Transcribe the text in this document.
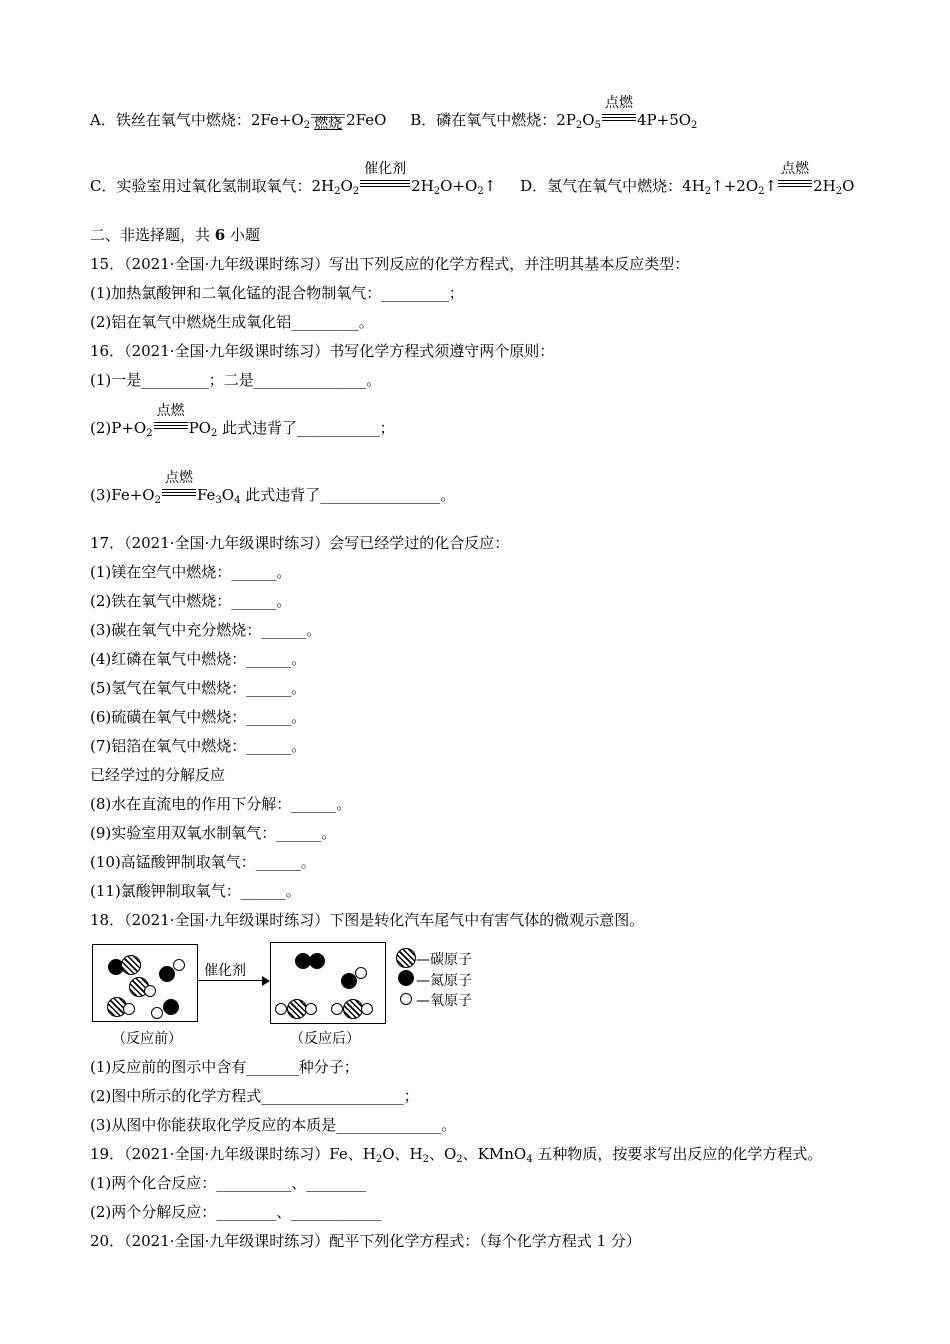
A．铁丝在氧气中燃烧：$2Fe+O_2$ 燃烧 2FeO B．磷在氧气中燃烧：$2P_2O_5$
点燃
$4P+5O_2$
C．实验室用过氧化氢制取氧气：$2H_2O_2$
催化剂
$2H_2O+O_2↑$     D．氢气在氧气中燃烧：$4H_2↑+2O_2↑$
点燃
$2H_2O$
二、非选择题，共 6 小题
15．（2021·全国·九年级课时练习）写出下列反应的化学方程式，并注明其基本反应类型：
(1)加热氯酸钾和二氧化锰的混合物制氧气：_________；
(2)铝在氧气中燃烧生成氧化铝_________。
16．（2021·全国·九年级课时练习）书写化学方程式须遵守两个原则：
(1)一是_________；二是_______________。
$(2)P+O_2$
点燃
$PO_2$ 此式违背了___________；
$(3)Fe+O_2$
点燃
$Fe_3O_4$ 此式违背了________________。
17．（2021·全国·九年级课时练习）会写已经学过的化合反应：
(1)镁在空气中燃烧：______。
(2)铁在氧气中燃烧：______。
(3)碳在氧气中充分燃烧：______。
(4)红磷在氧气中燃烧：______。
(5)氢气在氧气中燃烧：______。
(6)硫磺在氧气中燃烧：______。
(7)铝箔在氧气中燃烧：______。
已经学过的分解反应
(8)水在直流电的作用下分解：______。
(9)实验室用双氧水制氧气：______。
(10)高锰酸钾制取氧气：______。
(11)氯酸钾制取氧气：______。
18．（2021·全国·九年级课时练习）下图是转化汽车尾气中有害气体的微观示意图。
催化剂
（反应前）	（反应后）
—碳原子
—氮原子
—氧原子
(1)反应前的图示中含有_______种分子；
(2)图中所示的化学方程式___________________；
(3)从图中你能获取化学反应的本质是______________。
19．（2021·全国·九年级课时练习）Fe、$H_2O$、$H_2$、$O_2$、KMnO$_4$ 五种物质，按要求写出反应的化学方程式。
(1)两个化合反应：__________、________
(2)两个分解反应：________、____________
20．（2021·全国·九年级课时练习）配平下列化学方程式：（每个化学方程式 1 分）
